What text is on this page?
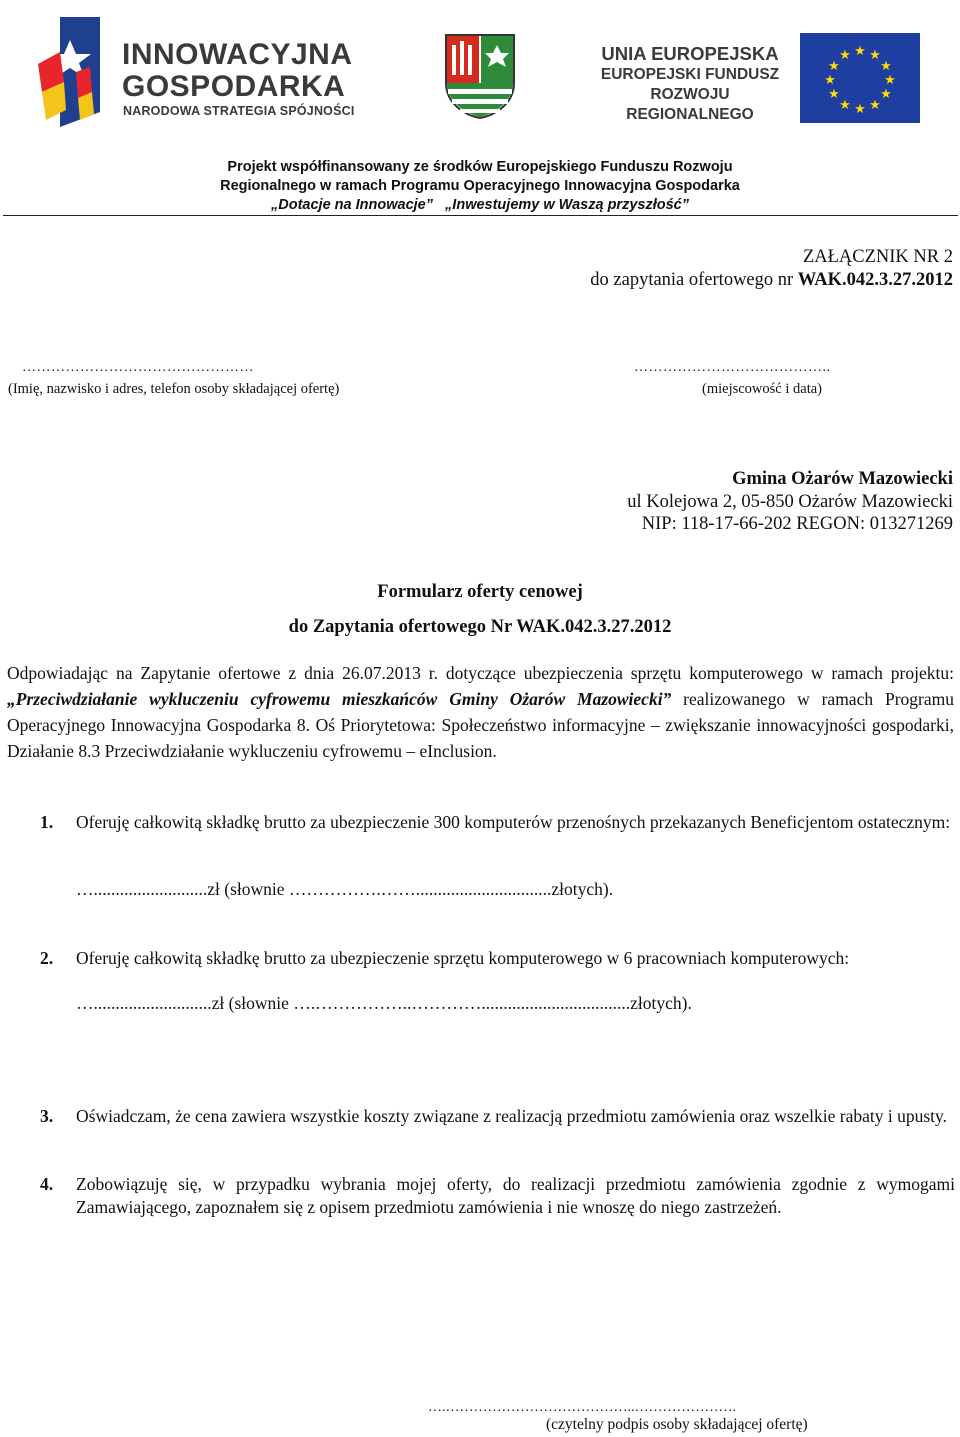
INNOWACYJNA
GOSPODARKA
NARODOWA STRATEGIA SPÓJNOŚCI
UNIA EUROPEJSKA
EUROPEJSKI FUNDUSZ
ROZWOJU REGIONALNEGO
★ ★
★
★
★
★
★
★
★
★
★
★
Projekt współfinansowany ze środków Europejskiego Funduszu Rozwoju
Regionalnego w ramach Programu Operacyjnego Innowacyjna Gospodarka
„Dotacje na Innowacje”   „Inwestujemy w Waszą przyszłość”
ZAŁĄCZNIK NR 2
do zapytania ofertowego nr WAK.042.3.27.2012
…………………………………………
(Imię, nazwisko i adres, telefon osoby składającej ofertę)
…………………………………..
(miejscowość i data)
Gmina Ożarów Mazowiecki
ul Kolejowa 2, 05-850 Ożarów Mazowiecki
NIP: 118-17-66-202 REGON: 013271269
Formularz oferty cenowej
do Zapytania ofertowego Nr WAK.042.3.27.2012
Odpowiadając na Zapytanie ofertowe z dnia 26.07.2013 r. dotyczące ubezpieczenia sprzętu komputerowego w ramach projektu: „Przeciwdziałanie wykluczeniu cyfrowemu mieszkańców Gminy Ożarów Mazowiecki” realizowanego w ramach Programu Operacyjnego Innowacyjna Gospodarka 8. Oś Priorytetowa: Społeczeństwo informacyjne – zwiększanie innowacyjności gospodarki, Działanie 8.3 Przeciwdziałanie wykluczeniu cyfrowemu – eInclusion.
1. Oferuję całkowitą składkę brutto za ubezpieczenie 300 komputerów przenośnych przekazanych Beneficjentom ostatecznym:
…..........................zł (słownie …………….……...............................złotych).
2. Oferuję całkowitą składkę brutto za ubezpieczenie sprzętu komputerowego w 6 pracowniach komputerowych:
…...........................zł (słownie ….……………..…………..................................złotych).
3. Oświadczam, że cena zawiera wszystkie koszty związane z realizacją przedmiotu zamówienia oraz wszelkie rabaty i upusty.
4. Zobowiązuję się, w przypadku wybrania mojej oferty, do realizacji przedmiotu zamówienia zgodnie z wymogami Zamawiającego, zapoznałem się z opisem przedmiotu zamówienia i nie wnoszę do niego zastrzeżeń.
….…………………………………..………………….
(czytelny podpis osoby składającej ofertę)
